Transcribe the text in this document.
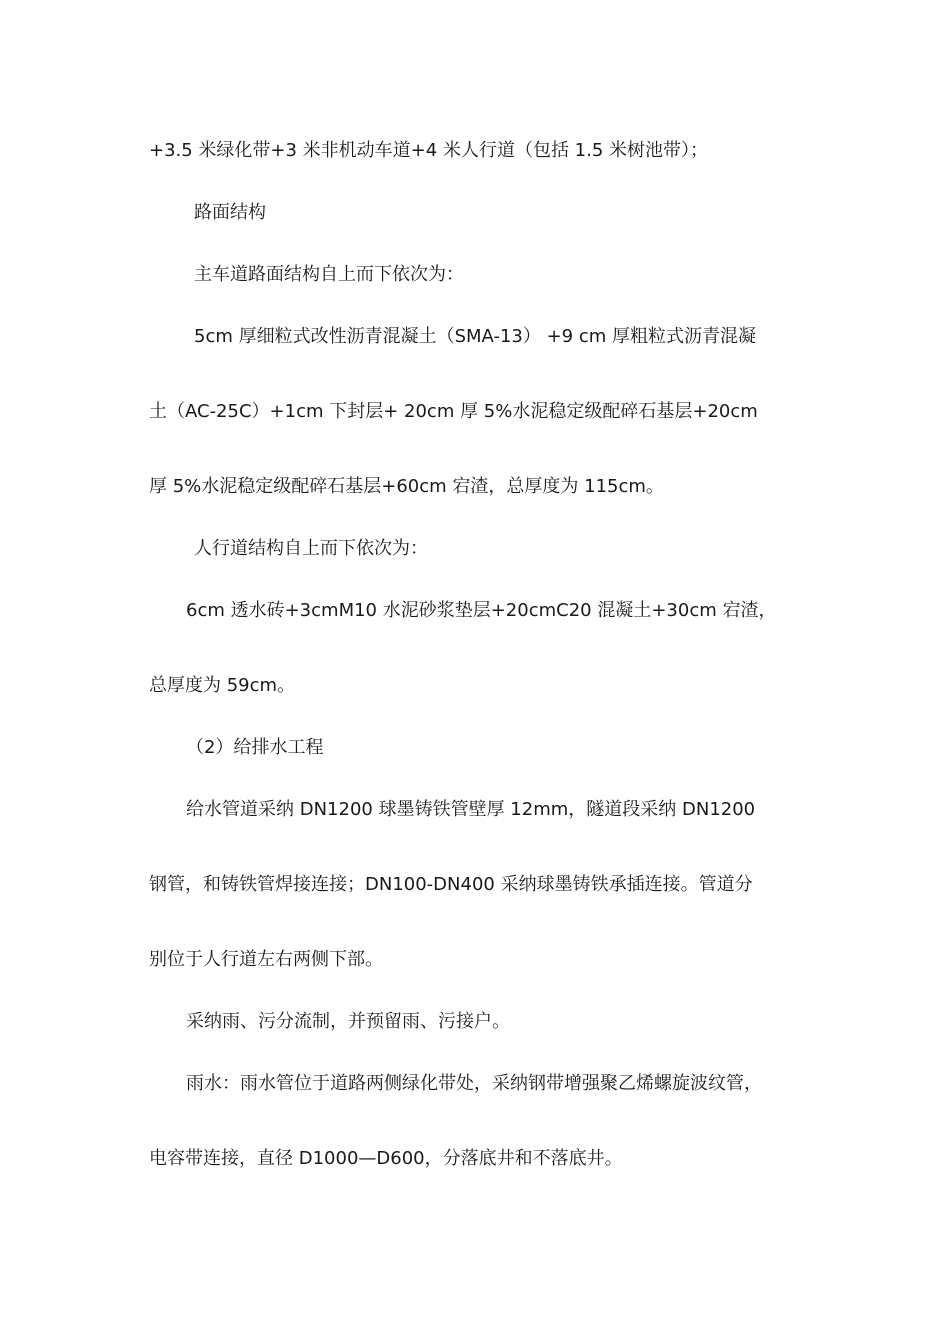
+3.5 米绿化带+3 米非机动车道+4 米人行道（包括 1.5 米树池带）；
路面结构
主车道路面结构自上而下依次为：
5cm 厚细粒式改性沥青混凝土（SMA-13） +9 cm 厚粗粒式沥青混凝
土（AC-25C）+1cm 下封层+ 20cm 厚 5%水泥稳定级配碎石基层+20cm
厚 5%水泥稳定级配碎石基层+60cm 宕渣，总厚度为 115cm。
人行道结构自上而下依次为：
6cm 透水砖+3cmM10 水泥砂浆垫层+20cmC20 混凝土+30cm 宕渣，
总厚度为 59cm。
（2）给排水工程
给水管道采纳 DN1200 球墨铸铁管壁厚 12mm，隧道段采纳 DN1200
钢管，和铸铁管焊接连接；DN100-DN400 采纳球墨铸铁承插连接。管道分
别位于人行道左右两侧下部。
采纳雨、污分流制，并预留雨、污接户。
雨水：雨水管位于道路两侧绿化带处，采纳钢带增强聚乙烯螺旋波纹管，
电容带连接，直径 D1000—D600，分落底井和不落底井。
